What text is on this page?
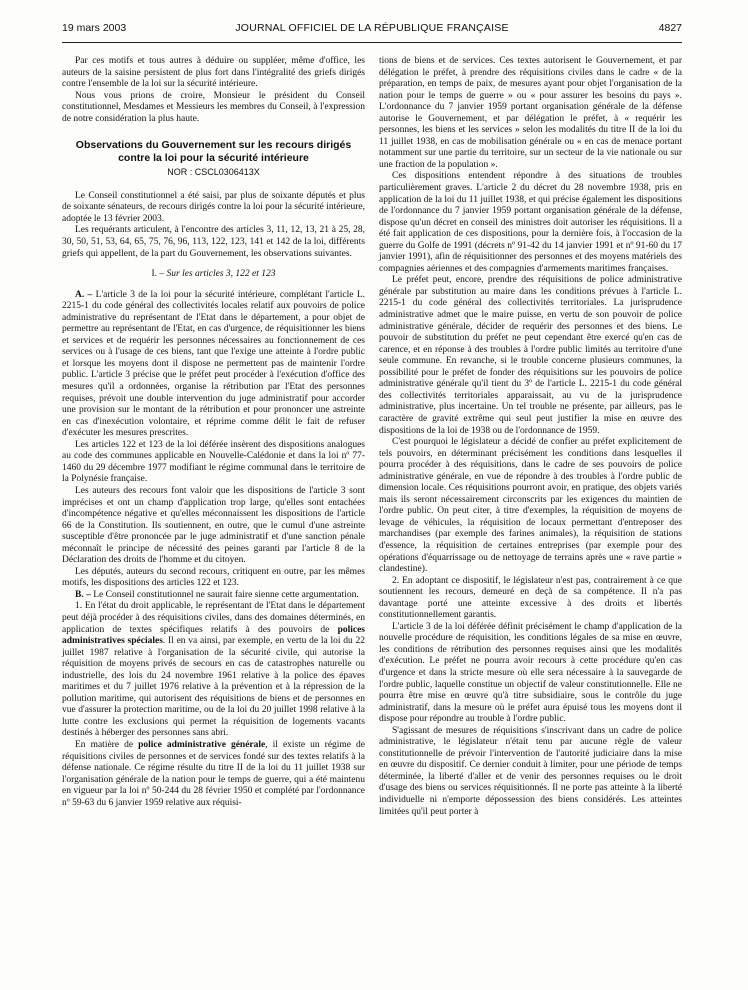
19 mars 2003	JOURNAL OFFICIEL DE LA RÉPUBLIQUE FRANÇAISE	4827

Par ces motifs et tous autres à déduire ou suppléer, même d'office, les auteurs de la saisine persistent de plus fort dans l'intégralité des griefs dirigés contre l'ensemble de la loi sur la sécurité intérieure.

Nous vous prions de croire, Monsieur le président du Conseil constitutionnel, Mesdames et Messieurs les membres du Conseil, à l'expression de notre considération la plus haute.

Observations du Gouvernement sur les recours dirigés contre la loi pour la sécurité intérieure
NOR : CSCL0306413X

Le Conseil constitutionnel a été saisi, par plus de soixante députés et plus de soixante sénateurs, de recours dirigés contre la loi pour la sécurité intérieure, adoptée le 13 février 2003.

Les requérants articulent, à l'encontre des articles 3, 11, 12, 13, 21 à 25, 28, 30, 50, 51, 53, 64, 65, 75, 76, 96, 113, 122, 123, 141 et 142 de la loi, différents griefs qui appellent, de la part du Gouvernement, les observations suivantes.

I. – Sur les articles 3, 122 et 123

A. – L'article 3 de la loi pour la sécurité intérieure, complétant l'article L. 2215-1 du code général des collectivités locales relatif aux pouvoirs de police administrative du représentant de l'Etat dans le département, a pour objet de permettre au représentant de l'Etat, en cas d'urgence, de réquisitionner les biens et services et de requérir les personnes nécessaires au fonctionnement de ces services ou à l'usage de ces biens, tant que l'exige une atteinte à l'ordre public et lorsque les moyens dont il dispose ne permettent pas de maintenir l'ordre public. L'article 3 précise que le préfet peut procéder à l'exécution d'office des mesures qu'il a ordonnées, organise la rétribution par l'Etat des personnes requises, prévoit une double intervention du juge administratif pour accorder une provision sur le montant de la rétribution et pour prononcer une astreinte en cas d'inexécution volontaire, et réprime comme délit le fait de refuser d'exécuter les mesures prescrites.

Les articles 122 et 123 de la loi déférée insèrent des dispositions analogues au code des communes applicable en Nouvelle-Calédonie et dans la loi nº 77-1460 du 29 décembre 1977 modifiant le régime communal dans le territoire de la Polynésie française.

Les auteurs des recours font valoir que les dispositions de l'article 3 sont imprécises et ont un champ d'application trop large, qu'elles sont entachées d'incompétence négative et qu'elles méconnaissent les dispositions de l'article 66 de la Constitution. Ils soutiennent, en outre, que le cumul d'une astreinte susceptible d'être prononcée par le juge administratif et d'une sanction pénale méconnaît le principe de nécessité des peines garanti par l'article 8 de la Déclaration des droits de l'homme et du citoyen.

Les députés, auteurs du second recours, critiquent en outre, par les mêmes motifs, les dispositions des articles 122 et 123.

B. – Le Conseil constitutionnel ne saurait faire sienne cette argumentation.

1. En l'état du droit applicable, le représentant de l'Etat dans le département peut déjà procéder à des réquisitions civiles, dans des domaines déterminés, en application de textes spécifiques relatifs à des pouvoirs de polices administratives spéciales. Il en va ainsi, par exemple, en vertu de la loi du 22 juillet 1987 relative à l'organisation de la sécurité civile, qui autorise la réquisition de moyens privés de secours en cas de catastrophes naturelle ou industrielle, des lois du 24 novembre 1961 relative à la police des épaves maritimes et du 7 juillet 1976 relative à la prévention et à la répression de la pollution maritime, qui autorisent des réquisitions de biens et de personnes en vue d'assurer la protection maritime, ou de la loi du 20 juillet 1998 relative à la lutte contre les exclusions qui permet la réquisition de logements vacants destinés à héberger des personnes sans abri.

En matière de police administrative générale, il existe un régime de réquisitions civiles de personnes et de services fondé sur des textes relatifs à la défense nationale. Ce régime résulte du titre II de la loi du 11 juillet 1938 sur l'organisation générale de la nation pour le temps de guerre, qui a été maintenu en vigueur par la loi nº 50-244 du 28 février 1950 et complété par l'ordonnance nº 59-63 du 6 janvier 1959 relative aux réquisi-

tions de biens et de services. Ces textes autorisent le Gouvernement, et par délégation le préfet, à prendre des réquisitions civiles dans le cadre « de la préparation, en temps de paix, de mesures ayant pour objet l'organisation de la nation pour le temps de guerre » ou « pour assurer les besoins du pays ». L'ordonnance du 7 janvier 1959 portant organisation générale de la défense autorise le Gouvernement, et par délégation le préfet, à « requérir les personnes, les biens et les services » selon les modalités du titre II de la loi du 11 juillet 1938, en cas de mobilisation générale ou « en cas de menace portant notamment sur une partie du territoire, sur un secteur de la vie nationale ou sur une fraction de la population ».

Ces dispositions entendent répondre à des situations de troubles particulièrement graves. L'article 2 du décret du 28 novembre 1938, pris en application de la loi du 11 juillet 1938, et qui précise également les dispositions de l'ordonnance du 7 janvier 1959 portant organisation générale de la défense, dispose qu'un décret en conseil des ministres doit autoriser les réquisitions. Il a été fait application de ces dispositions, pour la dernière fois, à l'occasion de la guerre du Golfe de 1991 (décrets nº 91-42 du 14 janvier 1991 et nº 91-60 du 17 janvier 1991), afin de réquisitionner des personnes et des moyens matériels des compagnies aériennes et des compagnies d'armements maritimes françaises.

Le préfet peut, encore, prendre des réquisitions de police administrative générale par substitution au maire dans les conditions prévues à l'article L. 2215-1 du code général des collectivités territoriales. La jurisprudence administrative admet que le maire puisse, en vertu de son pouvoir de police administrative générale, décider de requérir des personnes et des biens. Le pouvoir de substitution du préfet ne peut cependant être exercé qu'en cas de carence, et en réponse à des troubles à l'ordre public limités au territoire d'une seule commune. En revanche, si le trouble concerne plusieurs communes, la possibilité pour le préfet de fonder des réquisitions sur les pouvoirs de police administrative générale qu'il tient du 3º de l'article L. 2215-1 du code général des collectivités territoriales apparaissait, au vu de la jurisprudence administrative, plus incertaine. Un tel trouble ne présente, par ailleurs, pas le caractère de gravité extrême qui seul peut justifier la mise en œuvre des dispositions de la loi de 1938 ou de l'ordonnance de 1959.

C'est pourquoi le législateur a décidé de confier au préfet explicitement de tels pouvoirs, en déterminant précisément les conditions dans lesquelles il pourra procéder à des réquisitions, dans le cadre de ses pouvoirs de police administrative générale, en vue de répondre à des troubles à l'ordre public de dimension locale. Ces réquisitions pourront avoir, en pratique, des objets variés mais ils seront nécessairement circonscrits par les exigences du maintien de l'ordre public. On peut citer, à titre d'exemples, la réquisition de moyens de levage de véhicules, la réquisition de locaux permettant d'entreposer des marchandises (par exemple des farines animales), la réquisition de stations d'essence, la réquisition de certaines entreprises (par exemple pour des opérations d'équarrissage ou de nettoyage de terrains après une « rave partie » clandestine).

2. En adoptant ce dispositif, le législateur n'est pas, contrairement à ce que soutiennent les recours, demeuré en deçà de sa compétence. Il n'a pas davantage porté une atteinte excessive à des droits et libertés constitutionnellement garantis.

L'article 3 de la loi déférée définit précisément le champ d'application de la nouvelle procédure de réquisition, les conditions légales de sa mise en œuvre, les conditions de rétribution des personnes requises ainsi que les modalités d'exécution. Le préfet ne pourra avoir recours à cette procédure qu'en cas d'urgence et dans la stricte mesure où elle sera nécessaire à la sauvegarde de l'ordre public, laquelle constitue un objectif de valeur constitutionnelle. Elle ne pourra être mise en œuvre qu'à titre subsidiaire, sous le contrôle du juge administratif, dans la mesure où le préfet aura épuisé tous les moyens dont il dispose pour répondre au trouble à l'ordre public.

S'agissant de mesures de réquisitions s'inscrivant dans un cadre de police administrative, le législateur n'était tenu par aucune règle de valeur constitutionnelle de prévoir l'intervention de l'autorité judiciaire dans la mise en œuvre du dispositif. Ce dernier conduit à limiter, pour une période de temps déterminée, la liberté d'aller et de venir des personnes requises ou le droit d'usage des biens ou services réquisitionnés. Il ne porte pas atteinte à la liberté individuelle ni n'emporte dépossession des biens considérés. Les atteintes limitées qu'il peut porter à
